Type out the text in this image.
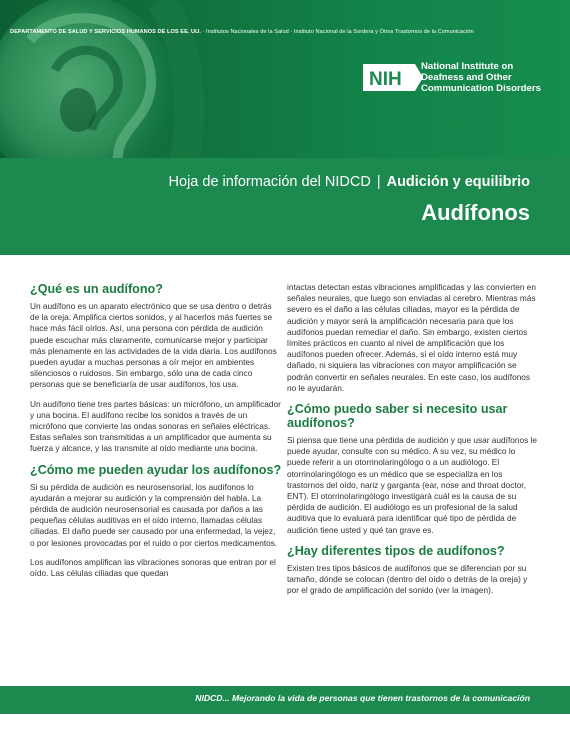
DEPARTAMENTO DE SALUD Y SERVICIOS HUMANOS DE LOS EE. UU. · Institutos Nacionales de la Salud · Instituto Nacional de la Sordera y Otros Trastornos de la Comunicación
NIH
National Institute on
Deafness and Other
Communication Disorders
Hoja de información del NIDCD | Audición y equilibrio
Audífonos
¿Qué es un audífono?

Un audífono es un aparato electrónico que se usa dentro o detrás de la oreja. Amplifica ciertos sonidos, y al hacerlos más fuertes se hace más fácil oírlos. Así, una persona con pérdida de audición puede escuchar más claramente, comunicarse mejor y participar más plenamente en las actividades de la vida diaria. Los audífonos pueden ayudar a muchas personas a oír mejor en ambientes silenciosos o ruidosos. Sin embargo, sólo una de cada cinco personas que se beneficiaría de usar audífonos, los usa.

Un audífono tiene tres partes básicas: un micrófono, un amplificador y una bocina. El audífono recibe los sonidos a través de un micrófono que convierte las ondas sonoras en señales eléctricas. Estas señales son transmitidas a un amplificador que aumenta su fuerza y alcance, y las transmite al oído mediante una bocina.

¿Cómo me pueden ayudar los audífonos?

Si su pérdida de audición es neurosensorial, los audífonos lo ayudarán a mejorar su audición y la comprensión del habla. La pérdida de audición neurosensorial es causada por daños a las pequeñas células auditivas en el oído interno, llamadas células ciliadas. El daño puede ser causado por una enfermedad, la vejez, o por lesiones provocadas por el ruido o por ciertos medicamentos.

Los audífonos amplifican las vibraciones sonoras que entran por el oído. Las células ciliadas que quedan

intactas detectan estas vibraciones amplificadas y las convierten en señales neurales, que luego son enviadas al cerebro. Mientras más severo es el daño a las células ciliadas, mayor es la pérdida de audición y mayor será la amplificación necesaria para que los audífonos puedan remediar el daño. Sin embargo, existen ciertos límites prácticos en cuanto al nivel de amplificación que los audífonos pueden ofrecer. Además, si el oído interno está muy dañado, ni siquiera las vibraciones con mayor amplificación se podrán convertir en señales neurales. En este caso, los audífonos no le ayudarán.

¿Cómo puedo saber si necesito usar audífonos?

Si piensa que tiene una pérdida de audición y que usar audífonos le puede ayudar, consulte con su médico. A su vez, su médico lo puede referir a un otorrinolaringólogo o a un audiólogo. El otorrinolaringólogo es un médico que se especializa en los trastornos del oído, nariz y garganta (ear, nose and throat doctor, ENT). El otorrinolaringólogo investigará cuál es la causa de su pérdida de audición. El audiólogo es un profesional de la salud auditiva que lo evaluará para identificar qué tipo de pérdida de audición tiene usted y qué tan grave es.

¿Hay diferentes tipos de audífonos?

Existen tres tipos básicos de audífonos que se diferencian por su tamaño, dónde se colocan (dentro del oído o detrás de la oreja) y por el grado de amplificación del sonido (ver la imagen).

NIDCD... Mejorando la vida de personas que tienen trastornos de la comunicación
